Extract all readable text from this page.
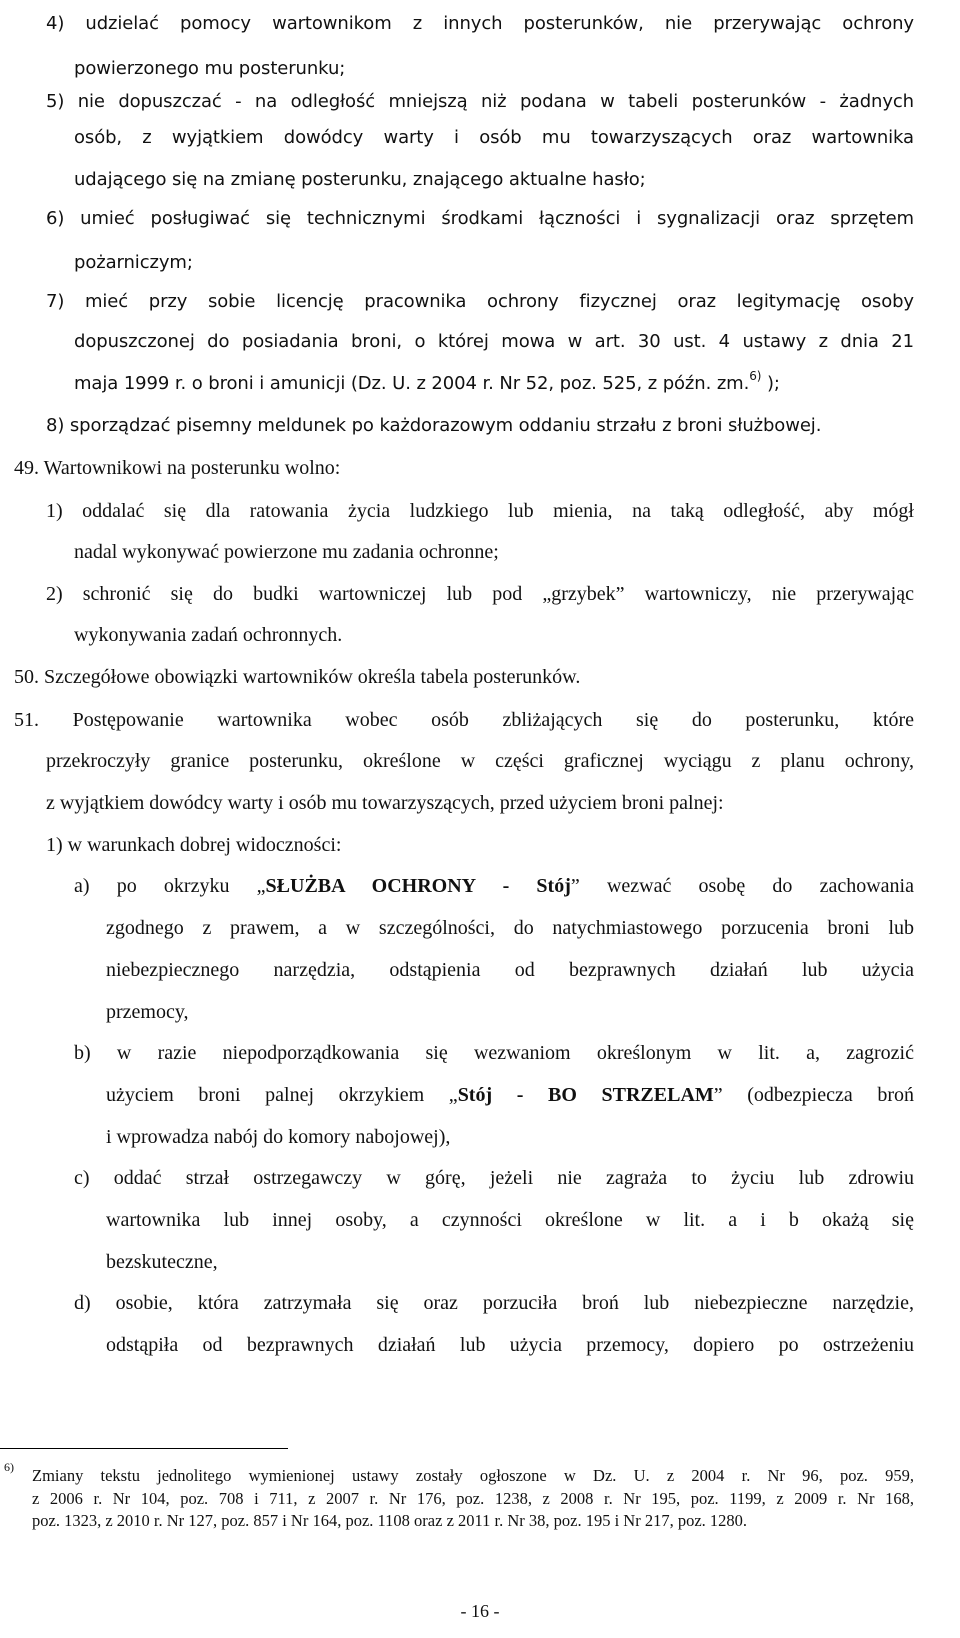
4) udzielać pomocy wartownikom z innych posterunków, nie przerywając ochrony

powierzonego mu posterunku;

5) nie dopuszczać - na odległość mniejszą niż podana w tabeli posterunków - żadnych

osób, z wyjątkiem dowódcy warty i osób mu towarzyszących oraz wartownika

udającego się na zmianę posterunku, znającego aktualne hasło;

6) umieć posługiwać się technicznymi środkami łączności i sygnalizacji oraz sprzętem

pożarniczym;

7) mieć przy sobie licencję pracownika ochrony fizycznej oraz legitymację osoby

dopuszczonej do posiadania broni, o której mowa w art. 30 ust. 4 ustawy z dnia 21

maja 1999 r. o broni i amunicji (Dz. U. z 2004 r. Nr 52, poz. 525, z późn. zm.$^{6)}$ );

8) sporządzać pisemny meldunek po każdorazowym oddaniu strzału z broni służbowej.

49. Wartownikowi na posterunku wolno:

1) oddalać się dla ratowania życia ludzkiego lub mienia, na taką odległość, aby mógł

nadal wykonywać powierzone mu zadania ochronne;

2) schronić się do budki wartowniczej lub pod „grzybek” wartowniczy, nie przerywając

wykonywania zadań ochronnych.

50. Szczegółowe obowiązki wartowników określa tabela posterunków.

51. Postępowanie wartownika wobec osób zbliżających się do posterunku, które

przekroczyły granice posterunku, określone w części graficznej wyciągu z planu ochrony,

z wyjątkiem dowódcy warty i osób mu towarzyszących, przed użyciem broni palnej:

1) w warunkach dobrej widoczności:

a) po okrzyku „SŁUŻBA OCHRONY - Stój” wezwać osobę do zachowania

zgodnego z prawem, a w szczególności, do natychmiastowego porzucenia broni lub

niebezpiecznego narzędzia, odstąpienia od bezprawnych działań lub użycia

przemocy,

b) w razie niepodporządkowania się wezwaniom określonym w lit. a, zagrozić

użyciem broni palnej okrzykiem „Stój - BO STRZELAM” (odbezpiecza broń

i wprowadza nabój do komory nabojowej),

c) oddać strzał ostrzegawczy w górę, jeżeli nie zagraża to życiu lub zdrowiu

wartownika lub innej osoby, a czynności określone w lit. a i b okażą się

bezskuteczne,

d) osobie, która zatrzymała się oraz porzuciła broń lub niebezpieczne narzędzie,

odstąpiła od bezprawnych działań lub użycia przemocy, dopiero po ostrzeżeniu

6) Zmiany tekstu jednolitego wymienionej ustawy zostały ogłoszone w Dz. U. z 2004 r. Nr 96, poz. 959,
z 2006 r. Nr 104, poz. 708 i 711, z 2007 r. Nr 176, poz. 1238, z 2008 r. Nr 195, poz. 1199, z 2009 r. Nr 168,
poz. 1323, z 2010 r. Nr 127, poz. 857 i Nr 164, poz. 1108 oraz z 2011 r. Nr 38, poz. 195 i Nr 217, poz. 1280.
- 16 -
